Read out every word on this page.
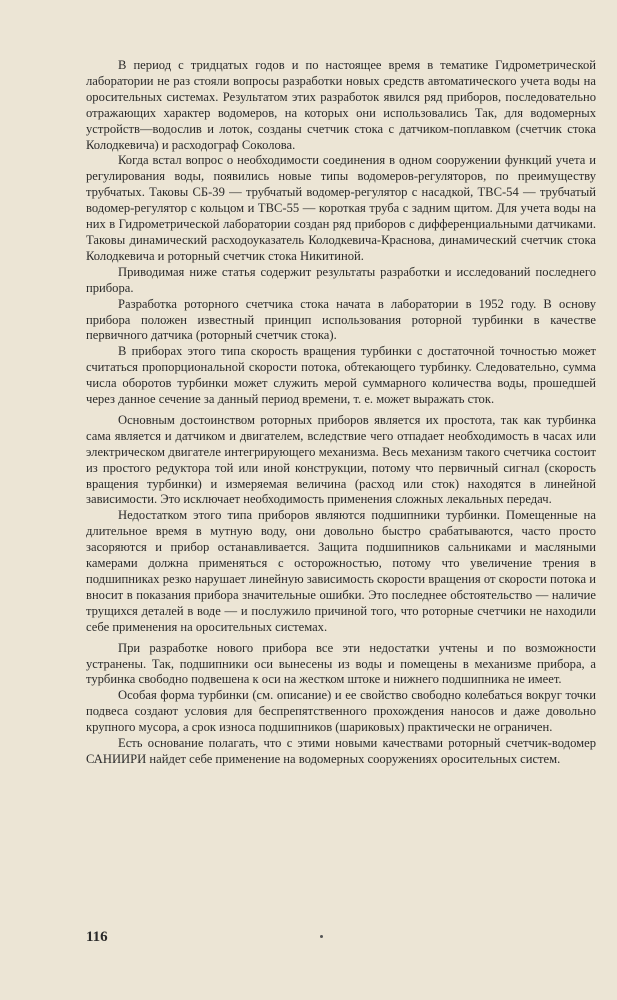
В период с тридцатых годов и по настоящее время в тематике Гидрометрической лаборатории не раз стояли вопросы разработки новых средств автоматического учета воды на оросительных системах. Результатом этих разработок явился ряд приборов, последовательно отражающих характер водомеров, на которых они использовались Так, для водомерных устройств—водослив и лоток, созданы счетчик стока с датчиком-поплавком (счетчик стока Колодкевича) и расходограф Соколова.

Когда встал вопрос о необходимости соединения в одном сооружении функций учета и регулирования воды, появились новые типы водомеров-регуляторов, по преимуществу трубчатых. Таковы СБ-39 — трубчатый водомер-регулятор с насадкой, ТВС-54 — трубчатый водомер-регулятор с кольцом и ТВС-55 — короткая труба с задним щитом. Для учета воды на них в Гидрометрической лаборатории создан ряд приборов с дифференциальными датчиками. Таковы динамический расходоуказатель Колодкевича-Краснова, динамический счетчик стока Колодкевича и роторный счетчик стока Никитиной.

Приводимая ниже статья содержит результаты разработки и исследований последнего прибора.

Разработка роторного счетчика стока начата в лаборатории в 1952 году. В основу прибора положен известный принцип использования роторной турбинки в качестве первичного датчика (роторный счетчик стока).

В приборах этого типа скорость вращения турбинки с достаточной точностью может считаться пропорциональной скорости потока, обтекающего турбинку. Следовательно, сумма числа оборотов турбинки может служить мерой суммарного количества воды, прошедшей через данное сечение за данный период времени, т. е. может выражать сток.

Основным достоинством роторных приборов является их простота, так как турбинка сама является и датчиком и двигателем, вследствие чего отпадает необходимость в часах или электрическом двигателе интегрирующего механизма. Весь механизм такого счетчика состоит из простого редуктора той или иной конструкции, потому что первичный сигнал (скорость вращения турбинки) и измеряемая величина (расход или сток) находятся в линейной зависимости. Это исключает необходимость применения сложных лекальных передач.

Недостатком этого типа приборов являются подшипники турбинки. Помещенные на длительное время в мутную воду, они довольно быстро срабатываются, часто просто засоряются и прибор останавливается. Защита подшипников сальниками и масляными камерами должна применяться с осторожностью, потому что увеличение трения в подшипниках резко нарушает линейную зависимость скорости вращения от скорости потока и вносит в показания прибора значительные ошибки. Это последнее обстоятельство — наличие трущихся деталей в воде — и послужило причиной того, что роторные счетчики не находили себе применения на оросительных системах.

При разработке нового прибора все эти недостатки учтены и по возможности устранены. Так, подшипники оси вынесены из воды и помещены в механизме прибора, а турбинка свободно подвешена к оси на жестком штоке и нижнего подшипника не имеет.

Особая форма турбинки (см. описание) и ее свойство свободно колебаться вокруг точки подвеса создают условия для беспрепятственного прохождения наносов и даже довольно крупного мусора, а срок износа подшипников (шариковых) практически не ограничен.

Есть основание полагать, что с этими новыми качествами роторный счетчик-водомер САНИИРИ найдет себе применение на водомерных сооружениях оросительных систем.

116
